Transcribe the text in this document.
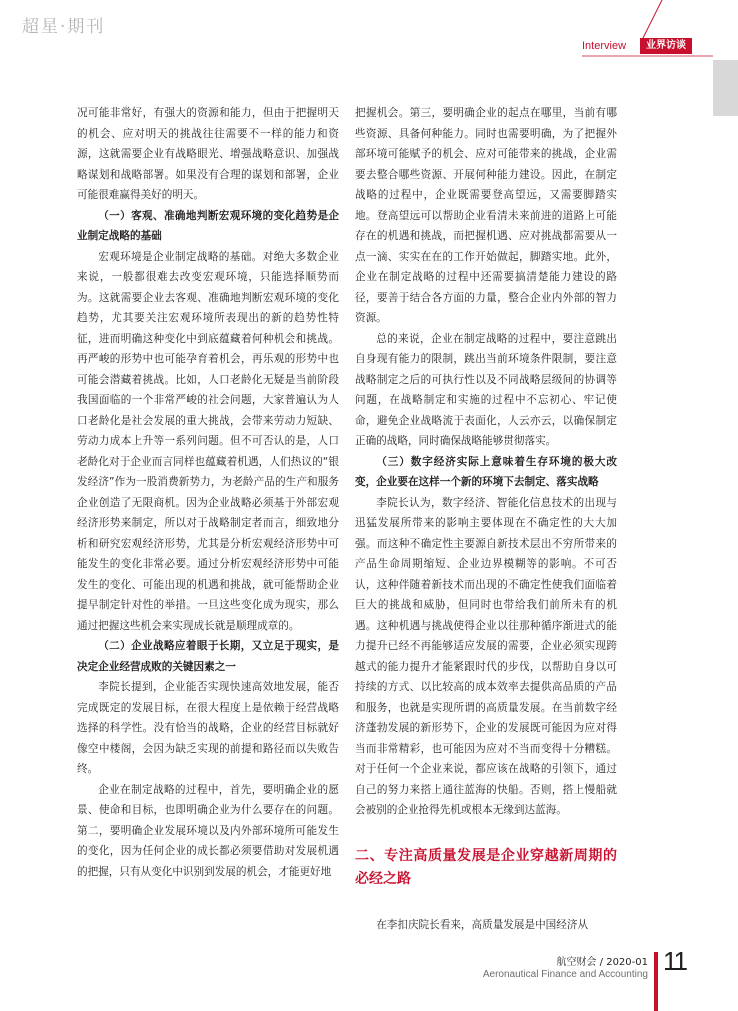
超星·期刊
Interview	业界访谈

况可能非常好，有强大的资源和能力，但由于把握明天的机会、应对明天的挑战往往需要不一样的能力和资源，这就需要企业有战略眼光、增强战略意识、加强战略谋划和战略部署。如果没有合理的谋划和部署，企业可能很难赢得美好的明天。

（一）客观、准确地判断宏观环境的变化趋势是企业制定战略的基础

宏观环境是企业制定战略的基础。对绝大多数企业来说，一般都很难去改变宏观环境，只能选择顺势而为。这就需要企业去客观、准确地判断宏观环境的变化趋势，尤其要关注宏观环境所表现出的新的趋势性特征，进而明确这种变化中到底蕴藏着何种机会和挑战。再严峻的形势中也可能孕育着机会，再乐观的形势中也可能会潜藏着挑战。比如，人口老龄化无疑是当前阶段我国面临的一个非常严峻的社会问题，大家普遍认为人口老龄化是社会发展的重大挑战，会带来劳动力短缺、劳动力成本上升等一系列问题。但不可否认的是，人口老龄化对于企业而言同样也蕴藏着机遇，人们热议的“银发经济”作为一股消费新势力，为老龄产品的生产和服务企业创造了无限商机。因为企业战略必须基于外部宏观经济形势来制定，所以对于战略制定者而言，细致地分析和研究宏观经济形势，尤其是分析宏观经济形势中可能发生的变化非常必要。通过分析宏观经济形势中可能发生的变化、可能出现的机遇和挑战，就可能帮助企业提早制定针对性的举措。一旦这些变化成为现实，那么通过把握这些机会来实现成长就是顺理成章的。

（二）企业战略应着眼于长期，又立足于现实，是决定企业经营成败的关键因素之一

李院长提到，企业能否实现快速高效地发展，能否完成既定的发展目标，在很大程度上是依赖于经营战略选择的科学性。没有恰当的战略，企业的经营目标就好像空中楼阁，会因为缺乏实现的前提和路径而以失败告终。

企业在制定战略的过程中，首先，要明确企业的愿景、使命和目标，也即明确企业为什么要存在的问题。第二，要明确企业发展环境以及内外部环境所可能发生的变化，因为任何企业的成长都必须要借助对发展机遇的把握，只有从变化中识别到发展的机会，才能更好地

把握机会。第三，要明确企业的起点在哪里，当前有哪些资源、具备何种能力。同时也需要明确，为了把握外部环境可能赋予的机会、应对可能带来的挑战，企业需要去整合哪些资源、开展何种能力建设。因此，在制定战略的过程中，企业既需要登高望远，又需要脚踏实地。登高望远可以帮助企业看清未来前进的道路上可能存在的机遇和挑战，而把握机遇、应对挑战都需要从一点一滴、实实在在的工作开始做起，脚踏实地。此外，企业在制定战略的过程中还需要搞清楚能力建设的路径，要善于结合各方面的力量，整合企业内外部的智力资源。

总的来说，企业在制定战略的过程中，要注意跳出自身现有能力的限制，跳出当前环境条件限制，要注意战略制定之后的可执行性以及不同战略层级间的协调等问题，在战略制定和实施的过程中不忘初心、牢记使命，避免企业战略流于表面化，人云亦云，以确保制定正确的战略，同时确保战略能够贯彻落实。

（三）数字经济实际上意味着生存环境的极大改变，企业要在这样一个新的环境下去制定、落实战略

李院长认为，数字经济、智能化信息技术的出现与迅猛发展所带来的影响主要体现在不确定性的大大加强。而这种不确定性主要源自新技术层出不穷所带来的产品生命周期缩短、企业边界模糊等的影响。不可否认，这种伴随着新技术而出现的不确定性使我们面临着巨大的挑战和威胁，但同时也带给我们前所未有的机遇。这种机遇与挑战使得企业以往那种循序渐进式的能力提升已经不再能够适应发展的需要，企业必须实现跨越式的能力提升才能紧跟时代的步伐，以帮助自身以可持续的方式、以比较高的成本效率去提供高品质的产品和服务，也就是实现所谓的高质量发展。在当前数字经济蓬勃发展的新形势下，企业的发展既可能因为应对得当而非常精彩，也可能因为应对不当而变得十分糟糕。对于任何一个企业来说，都应该在战略的引领下，通过自己的努力来搭上通往蓝海的快船。否则，搭上慢船就会被别的企业抢得先机或根本无缘到达蓝海。

二、专注高质量发展是企业穿越新周期的必经之路

在李扣庆院长看来，高质量发展是中国经济从

航空财会 / 2020-01
Aeronautical Finance and Accounting 11
